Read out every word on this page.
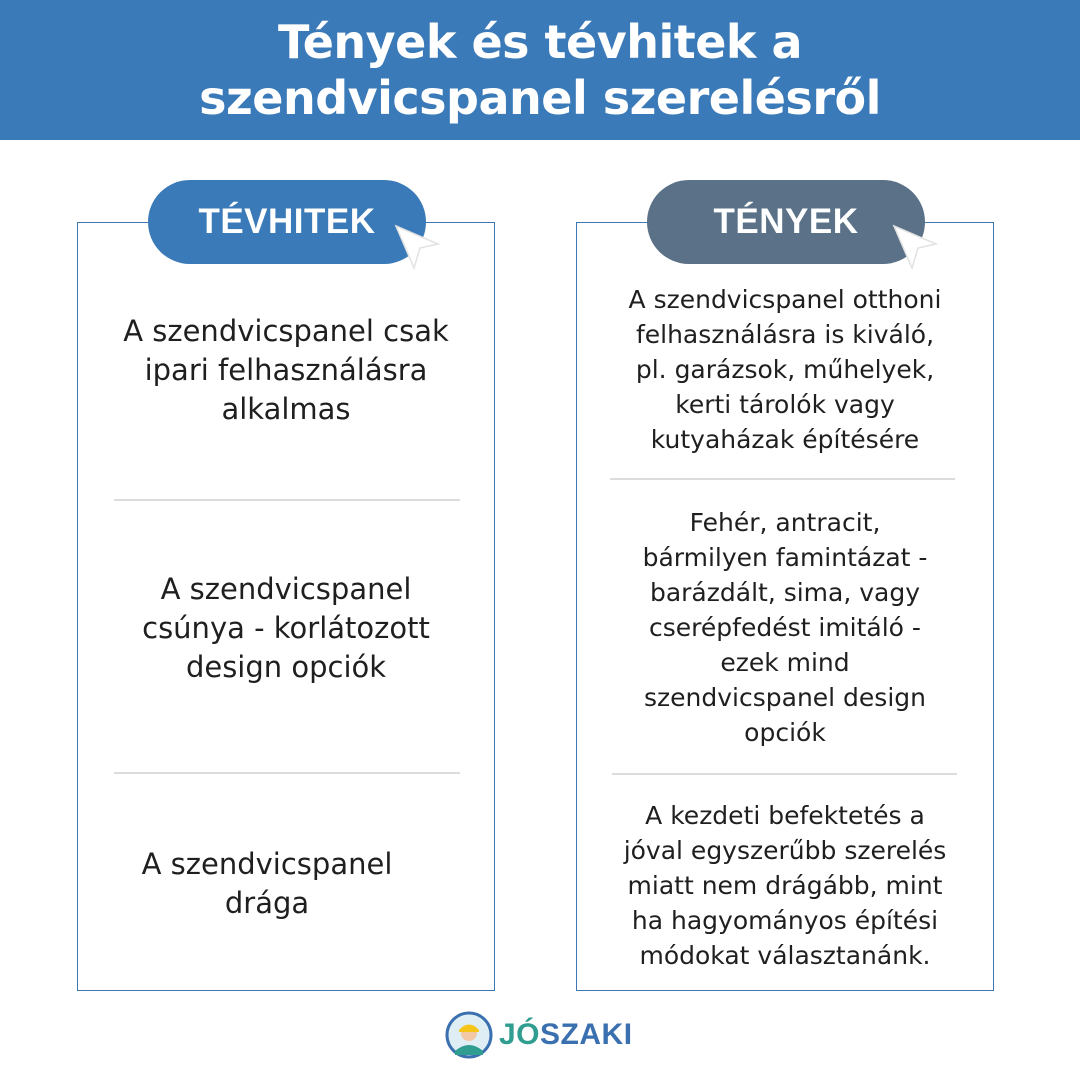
Tények és tévhitek a
szendvicspanel szerelésről
TÉVHITEK	TÉNYEK
A szendvicspanel csak
ipari felhasználásra
alkalmas
A szendvicspanel
csúnya - korlátozott
design opciók
A szendvicspanel
drága
A szendvicspanel otthoni
felhasználásra is kiváló,
pl. garázsok, műhelyek,
kerti tárolók vagy
kutyaházak építésére
Fehér, antracit,
bármilyen famintázat -
barázdált, sima, vagy
cserépfedést imitáló -
ezek mind
szendvicspanel design
opciók
A kezdeti befektetés a
jóval egyszerűbb szerelés
miatt nem drágább, mint
ha hagyományos építési
módokat választanánk.
JÓSZAKI
